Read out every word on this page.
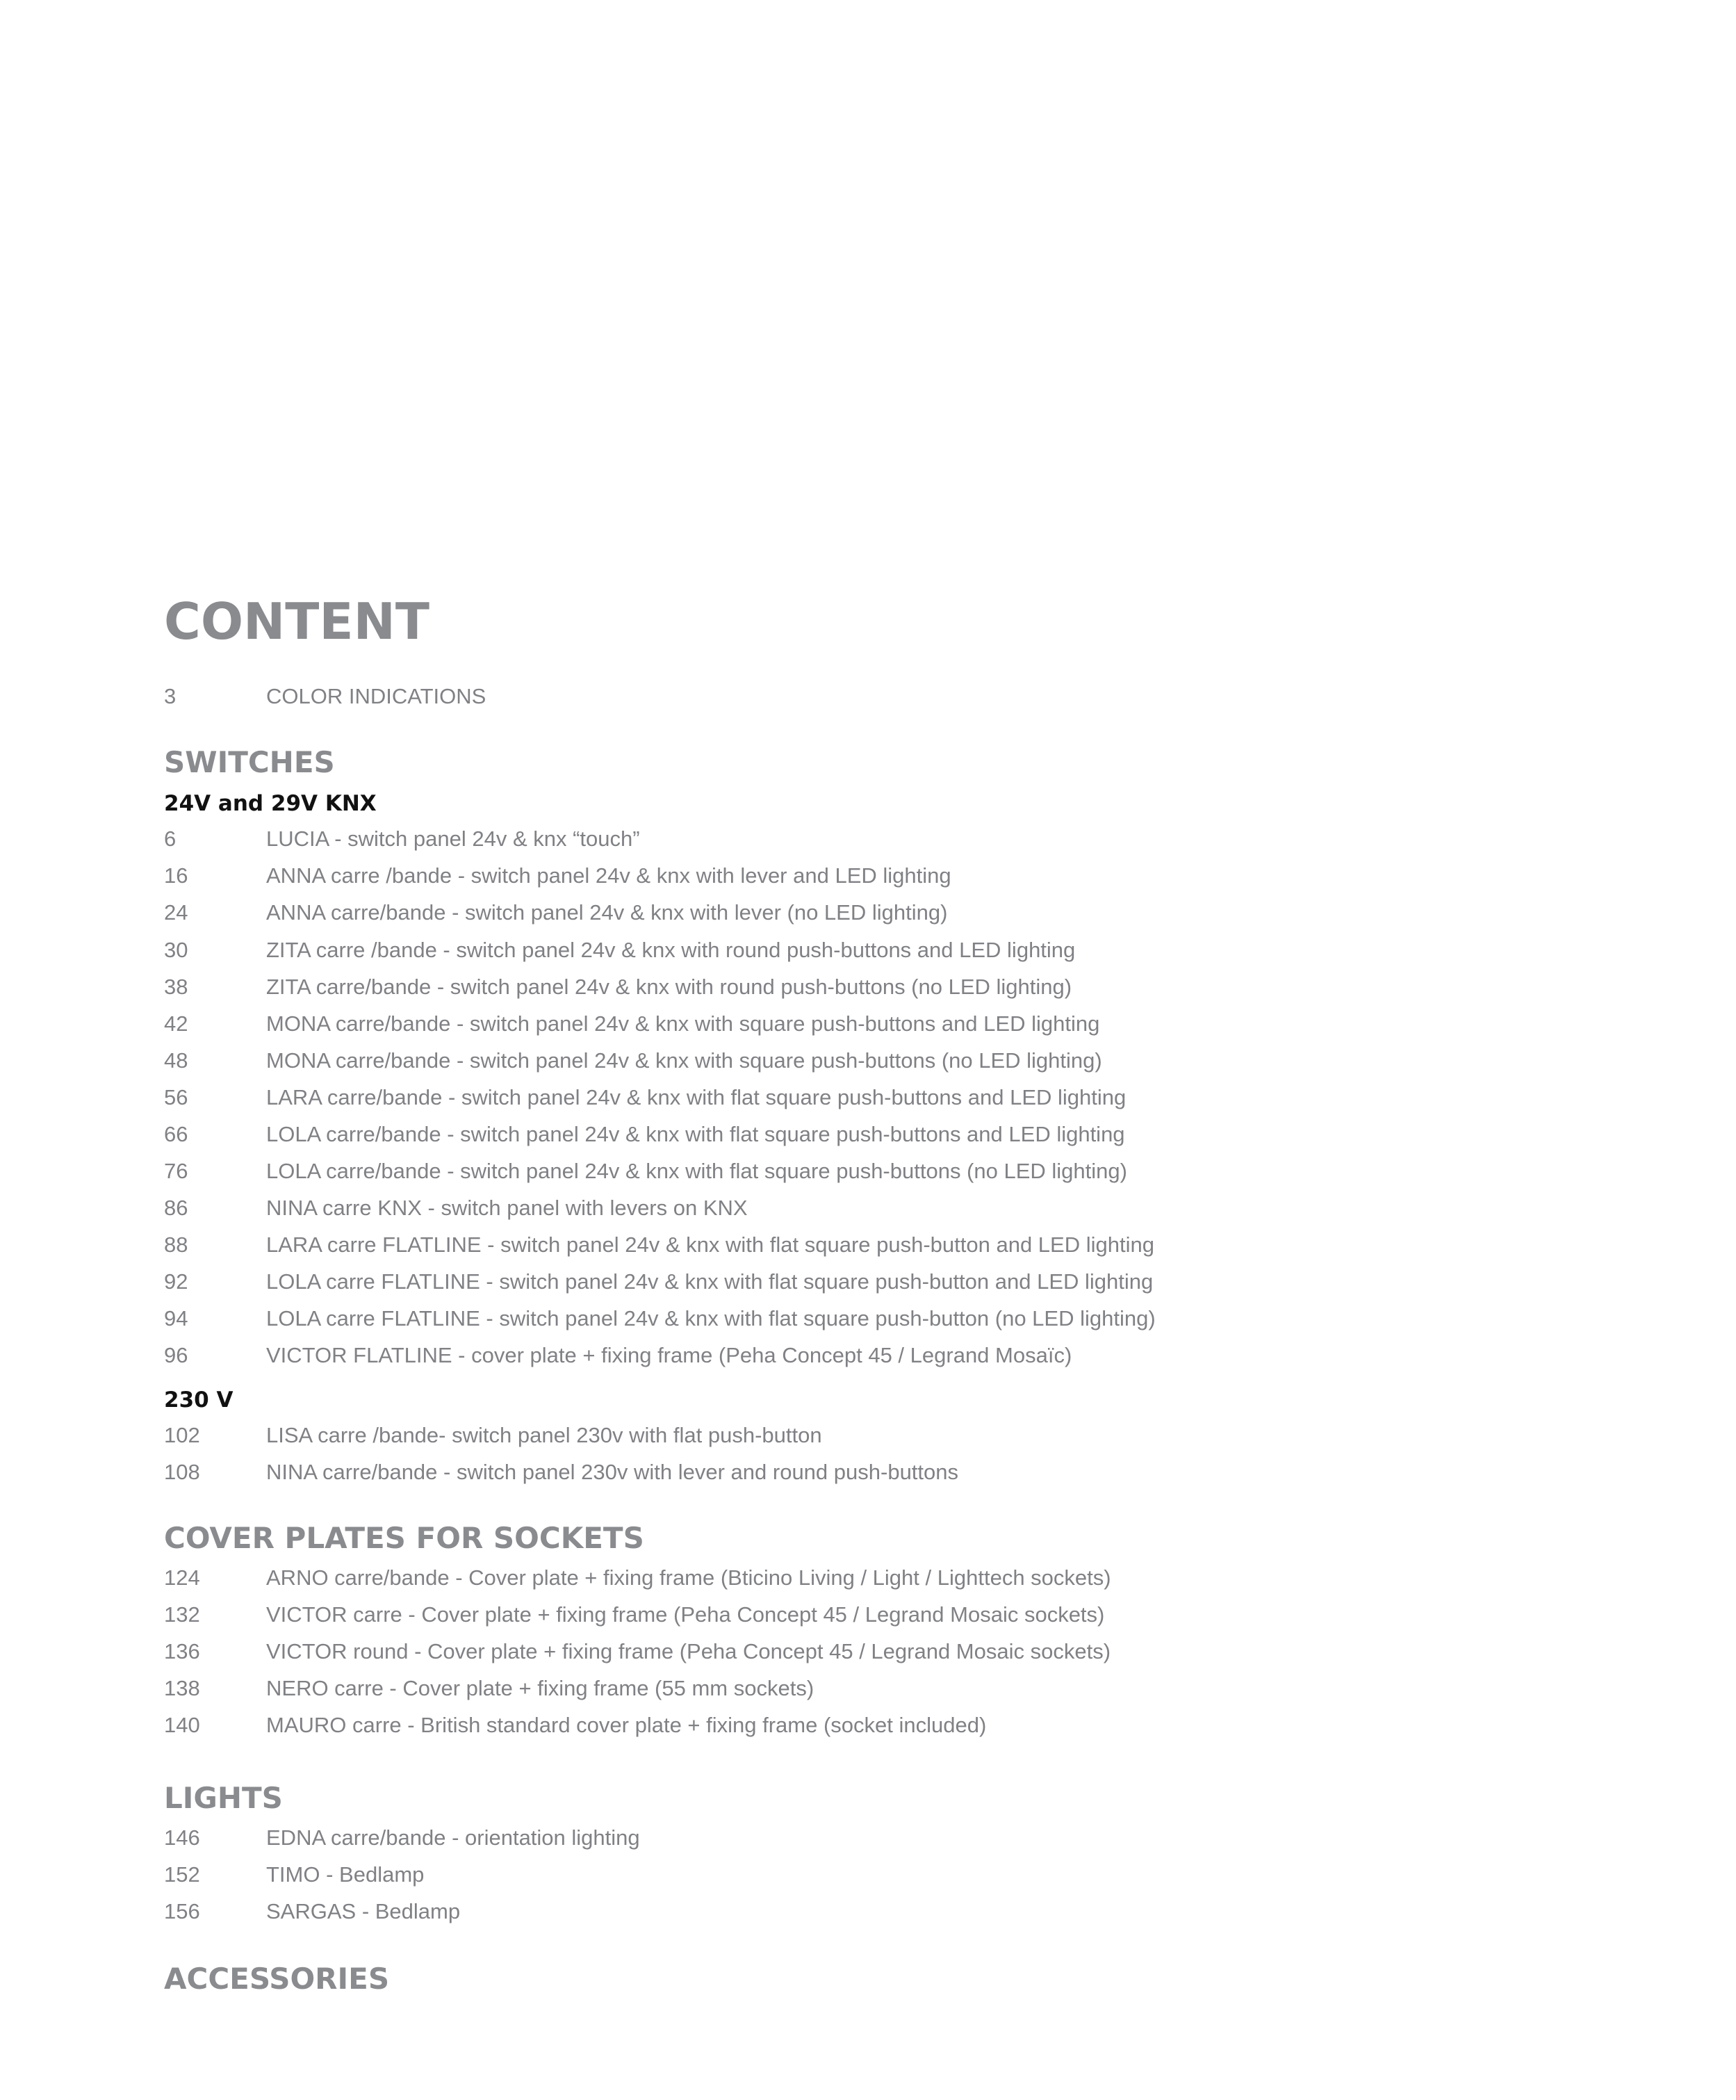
CONTENT
3	COLOR INDICATIONS
SWITCHES
24V and 29V KNX
6	LUCIA - switch panel 24v & knx “touch”
16	ANNA carre /bande - switch panel 24v & knx with lever and LED lighting
24	ANNA carre/bande - switch panel 24v & knx with lever (no LED lighting)
30	ZITA carre /bande - switch panel 24v & knx with round push-buttons and LED lighting
38	ZITA carre/bande - switch panel 24v & knx with round push-buttons (no LED lighting)
42	MONA carre/bande - switch panel 24v & knx with square push-buttons and LED lighting
48	MONA carre/bande - switch panel 24v & knx with square push-buttons (no LED lighting)
56	LARA carre/bande - switch panel 24v & knx with flat square push-buttons and LED lighting
66	LOLA carre/bande - switch panel 24v & knx with flat square push-buttons and LED lighting
76	LOLA carre/bande - switch panel 24v & knx with flat square push-buttons (no LED lighting)
86	NINA carre KNX - switch panel with levers on KNX
88	LARA carre FLATLINE - switch panel 24v & knx with flat square push-button and LED lighting
92	LOLA carre FLATLINE - switch panel 24v & knx with flat square push-button and LED lighting
94	LOLA carre FLATLINE - switch panel 24v & knx with flat square push-button (no LED lighting)
96	VICTOR FLATLINE - cover plate + fixing frame (Peha Concept 45 / Legrand Mosaïc)
230 V
102	LISA carre /bande- switch panel 230v with flat push-button
108	NINA carre/bande - switch panel 230v with lever and round push-buttons
COVER PLATES FOR SOCKETS
124	ARNO carre/bande - Cover plate + fixing frame (Bticino Living / Light / Lighttech sockets)
132	VICTOR carre - Cover plate + fixing frame (Peha Concept 45 / Legrand Mosaic sockets)
136	VICTOR round - Cover plate + fixing frame (Peha Concept 45 / Legrand Mosaic sockets)
138	NERO carre - Cover plate + fixing frame (55 mm sockets)
140	MAURO carre - British standard cover plate + fixing frame (socket included)
LIGHTS
146	EDNA carre/bande - orientation lighting
152	TIMO - Bedlamp
156	SARGAS - Bedlamp
ACCESSORIES
